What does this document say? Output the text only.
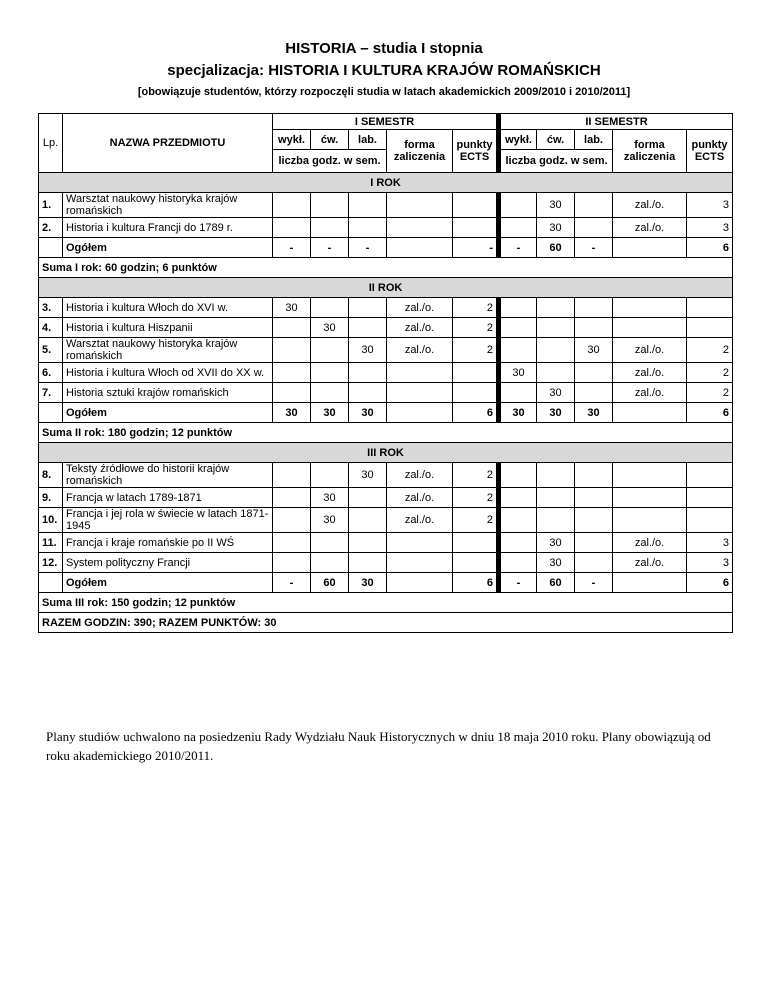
HISTORIA – studia I stopnia
specjalizacja: HISTORIA I KULTURA KRAJÓW ROMAŃSKICH
[obowiązuje studentów, którzy rozpoczęli studia w latach akademickich 2009/2010 i 2010/2011]
Lp.	NAZWA PRZEDMIOTU	I SEMESTR					II SEMESTR				
		wykł.	ćw.	lab.	forma zaliczenia	punkty ECTS	wykł.	ćw.	lab.	forma zaliczenia	punkty ECTS
		liczba godz. w sem.					liczba godz. w sem.				
I ROK											
1.	Warsztat naukowy historyka krajów romańskich							30		zal./o.	3
2.	Historia i kultura Francji do 1789 r.							30		zal./o.	3
	Ogółem	-	-	-		-	-	60	-		6
Suma I rok: 60 godzin; 6 punktów											
II ROK											
3.	Historia i kultura Włoch do XVI w.	30			zal./o.	2					
4.	Historia i kultura Hiszpanii		30		zal./o.	2					
5.	Warsztat naukowy historyka krajów romańskich			30	zal./o.	2			30	zal./o.	2
6.	Historia i kultura Włoch od XVII do XX w.						30			zal./o.	2
7.	Historia sztuki krajów romańskich							30		zal./o.	2
	Ogółem	30	30	30		6	30	30	30		6
Suma II rok: 180 godzin; 12 punktów											
III ROK											
8.	Teksty źródłowe do historii krajów romańskich			30	zal./o.	2					
9.	Francja w latach 1789-1871		30		zal./o.	2					
10.	Francja i jej rola w świecie w latach 1871-1945		30		zal./o.	2					
11.	Francja i kraje romańskie po II WŚ							30		zal./o.	3
12.	System polityczny Francji							30		zal./o.	3
	Ogółem	-	60	30		6	-	60	-		6
Suma III rok: 150 godzin; 12 punktów											
RAZEM GODZIN: 390; RAZEM PUNKTÓW: 30											
Plany studiów uchwalono na posiedzeniu Rady Wydziału Nauk Historycznych w dniu 18 maja 2010 roku. Plany obowiązują od roku akademickiego 2010/2011.
